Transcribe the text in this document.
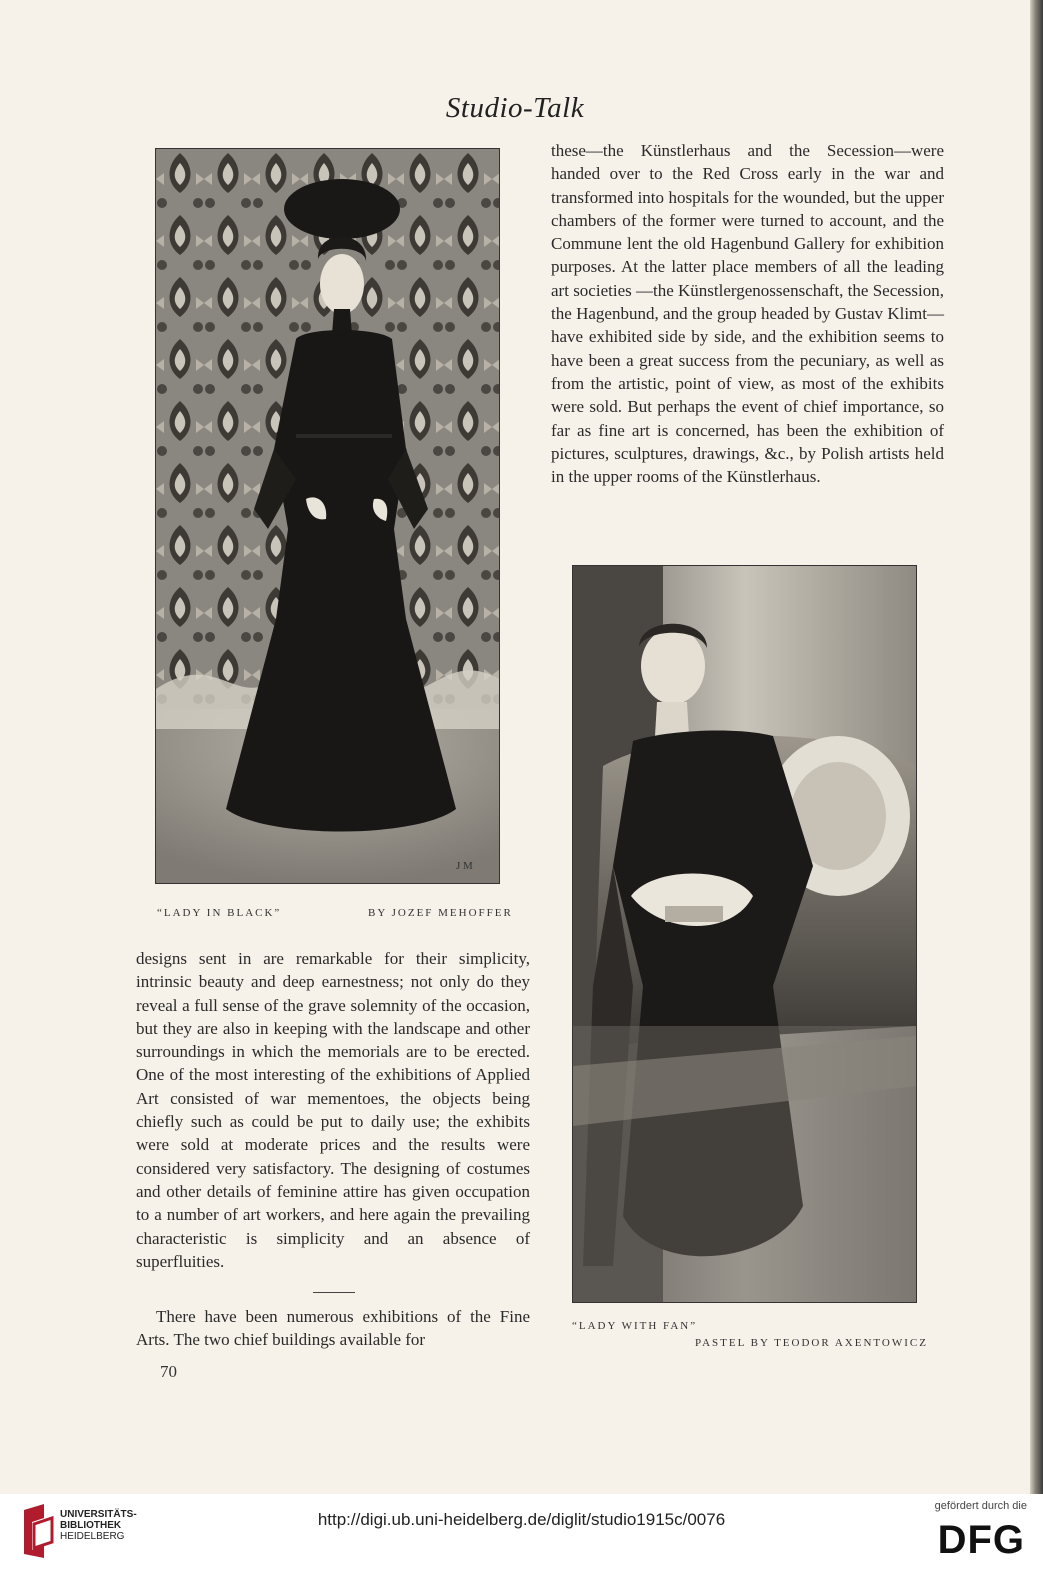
Studio-Talk

these—the Künstlerhaus and the Secession—were handed over to the Red Cross early in the war and transformed into hospitals for the wounded, but the upper chambers of the former were turned to account, and the Commune lent the old Hagenbund Gallery for exhibition purposes. At the latter place members of all the leading art societies —the Künstlergenossenschaft, the Secession, the Hagenbund, and the group headed by Gustav Klimt—have exhibited side by side, and the exhibition seems to have been a great success from the pecuniary, as well as from the artistic, point of view, as most of the exhibits were sold. But perhaps the event of chief importance, so far as fine art is concerned, has been the exhibition of pictures, sculptures, drawings, &c., by Polish artists held in the upper rooms of the Künstlerhaus.

J M
“LADY IN BLACK”	BY JOZEF MEHOFFER

designs sent in are remarkable for their simplicity, intrinsic beauty and deep earnestness; not only do they reveal a full sense of the grave solemnity of the occasion, but they are also in keeping with the landscape and other surroundings in which the memorials are to be erected. One of the most interesting of the exhibitions of Applied Art consisted of war mementoes, the objects being chiefly such as could be put to daily use; the exhibits were sold at moderate prices and the results were considered very satisfactory. The designing of costumes and other details of feminine attire has given occupation to a number of art workers, and here again the prevailing characteristic is simplicity and an absence of superfluities.

There have been numerous exhibitions of the Fine Arts. The two chief buildings available for

70
“LADY WITH FAN”
PASTEL BY TEODOR AXENTOWICZ
UNIVERSITÄTS-
BIBLIOTHEK
HEIDELBERG
http://digi.ub.uni-heidelberg.de/diglit/studio1915c/0076
gefördert durch die
DFG
